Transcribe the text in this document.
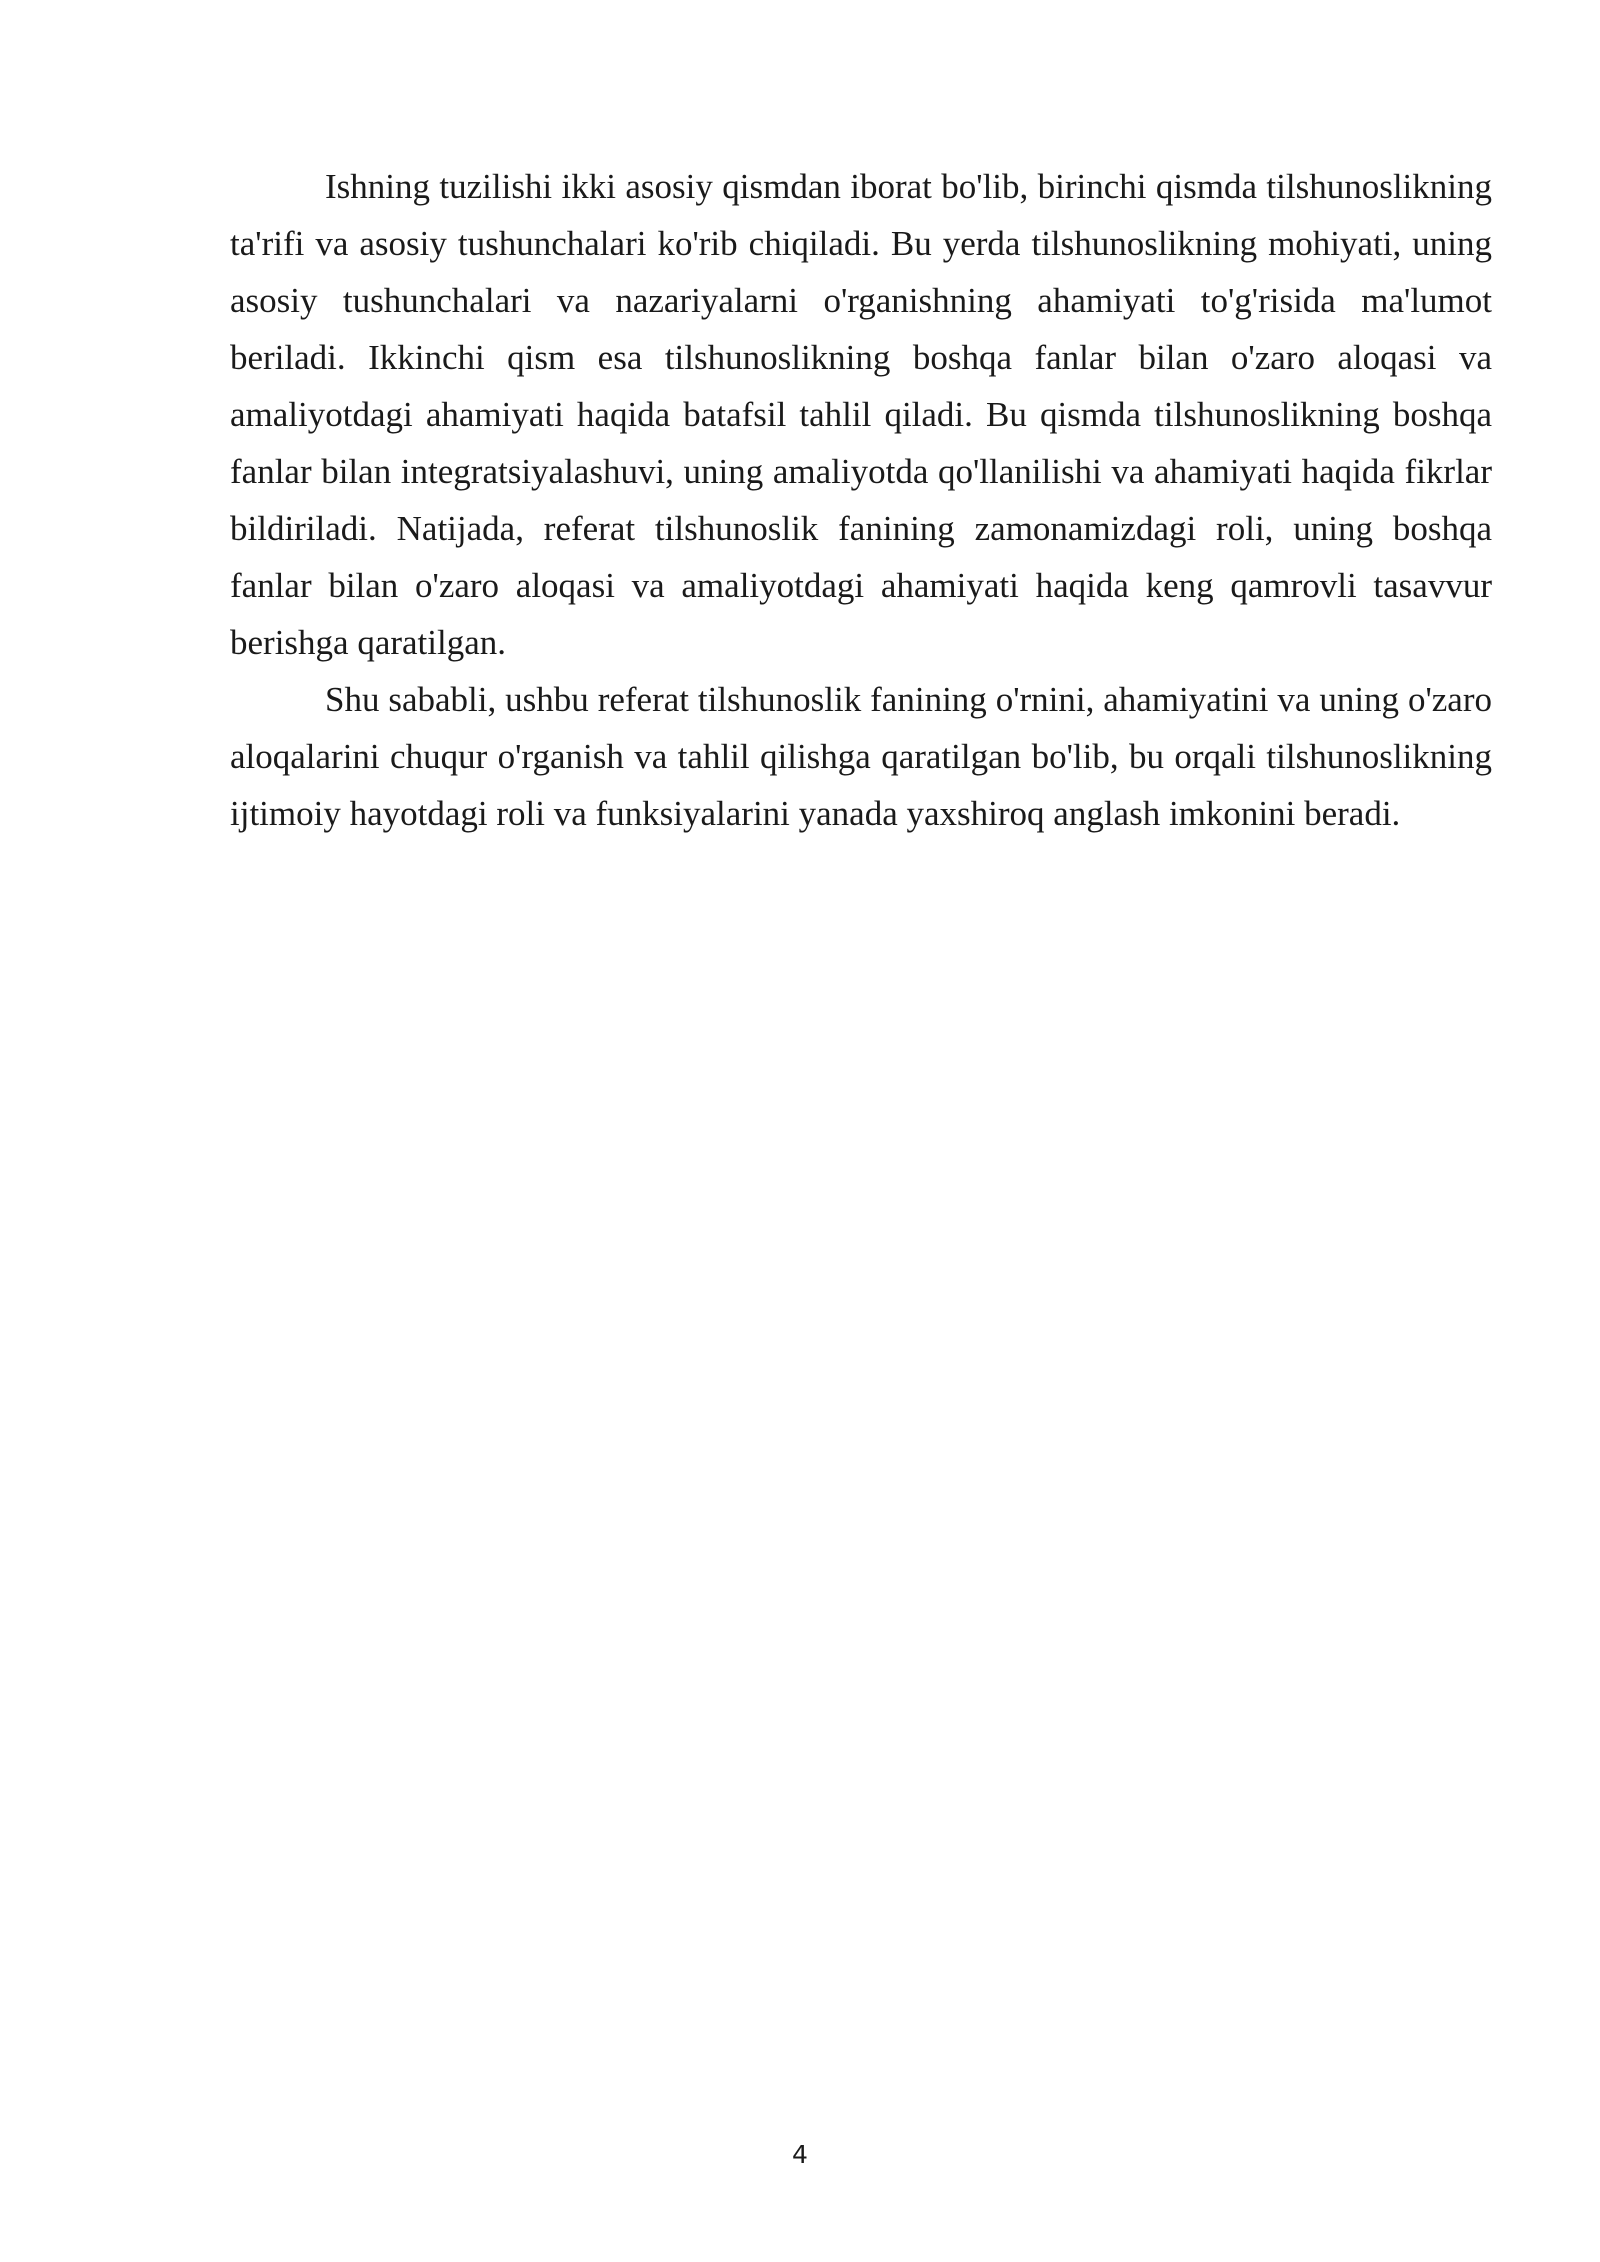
Ishning tuzilishi ikki asosiy qismdan iborat bo'lib, birinchi qismda tilshunoslikning ta'rifi va asosiy tushunchalari ko'rib chiqiladi. Bu yerda tilshunoslikning mohiyati, uning asosiy tushunchalari va nazariyalarni o'rganishning ahamiyati to'g'risida ma'lumot beriladi. Ikkinchi qism esa tilshunoslikning boshqa fanlar bilan o'zaro aloqasi va amaliyotdagi ahamiyati haqida batafsil tahlil qiladi. Bu qismda tilshunoslikning boshqa fanlar bilan integratsiyalashuvi, uning amaliyotda qo'llanilishi va ahamiyati haqida fikrlar bildiriladi. Natijada, referat tilshunoslik fanining zamonamizdagi roli, uning boshqa fanlar bilan o'zaro aloqasi va amaliyotdagi ahamiyati haqida keng qamrovli tasavvur berishga qaratilgan.

Shu sababli, ushbu referat tilshunoslik fanining o'rnini, ahamiyatini va uning o'zaro aloqalarini chuqur o'rganish va tahlil qilishga qaratilgan bo'lib, bu orqali tilshunoslikning ijtimoiy hayotdagi roli va funksiyalarini yanada yaxshiroq anglash imkonini beradi.

4
